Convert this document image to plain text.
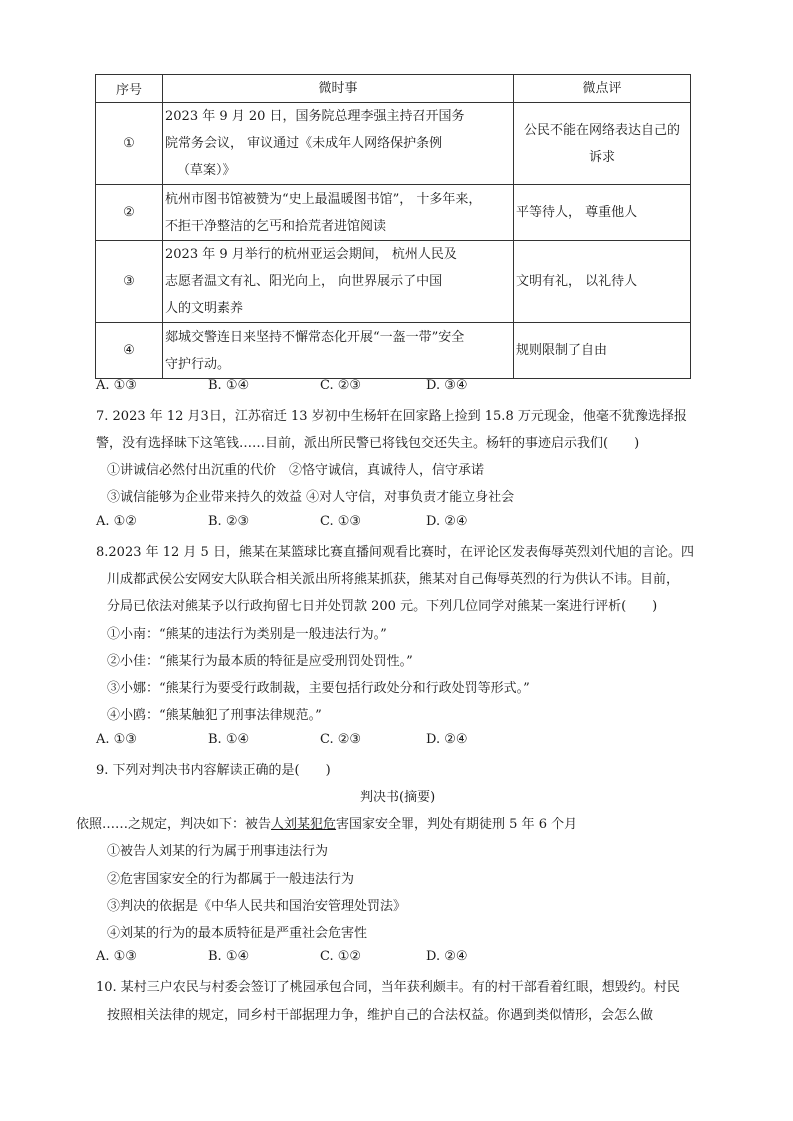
序号	微时事	微点评
①	2023 年 9 月 20 日，国务院总理李强主持召开国务
院常务会议， 审议通过《未成年人网络保护条例
（草案）》	公民不能在网络表达自己的
诉求

②	杭州市图书馆被赞为“史上最温暖图书馆”， 十多年来，
不拒干净整洁的乞丐和拾荒者进馆阅读	平等待人， 尊重他人

③	2023 年 9 月举行的杭州亚运会期间， 杭州人民及
志愿者温文有礼、阳光向上， 向世界展示了中国
人的文明素养	文明有礼， 以礼待人

④	郯城交警连日来坚持不懈常态化开展“一盔一带”安全
守护行动。	规则限制了自由
A. ①③	B. ①④	C. ②③	D. ③④
7. 2023 年 12 月3日，江苏宿迁 13 岁初中生杨轩在回家路上捡到 15.8 万元现金，他毫不犹豫选择报
警，没有选择昧下这笔钱……目前，派出所民警已将钱包交还失主。杨轩的事迹启示我们(　　)
①讲诚信必然付出沉重的代价　②恪守诚信，真诚待人，信守承诺
③诚信能够为企业带来持久的效益 ④对人守信，对事负责才能立身社会
A. ①②	B. ②③	C. ①③	D. ②④
8.2023 年 12 月 5 日，熊某在某篮球比赛直播间观看比赛时，在评论区发表侮辱英烈刘代旭的言论。四
川成都武侯公安网安大队联合相关派出所将熊某抓获，熊某对自己侮辱英烈的行为供认不讳。目前，
分局已依法对熊某予以行政拘留七日并处罚款 200 元。下列几位同学对熊某一案进行评析(　　)
①小南：“熊某的违法行为类别是一般违法行为。”
②小佳：“熊某行为最本质的特征是应受刑罚处罚性。”
③小娜：“熊某行为要受行政制裁，主要包括行政处分和行政处罚等形式。”
④小鸥：“熊某触犯了刑事法律规范。”
A. ①③	B. ①④	C. ②③	D. ②④
9. 下列对判决书内容解读正确的是(　　)
判决书(摘要)
依照……之规定，判决如下：被告人刘某犯危害国家安全罪，判处有期徒刑 5 年 6 个月
①被告人刘某的行为属于刑事违法行为
②危害国家安全的行为都属于一般违法行为
③判决的依据是《中华人民共和国治安管理处罚法》
④刘某的行为的最本质特征是严重社会危害性
A. ①③	B. ①④	C. ①②	D. ②④
10. 某村三户农民与村委会签订了桃园承包合同，当年获利颇丰。有的村干部看着红眼，想毁约。村民
按照相关法律的规定，同乡村干部据理力争，维护自己的合法权益。你遇到类似情形，会怎么做
